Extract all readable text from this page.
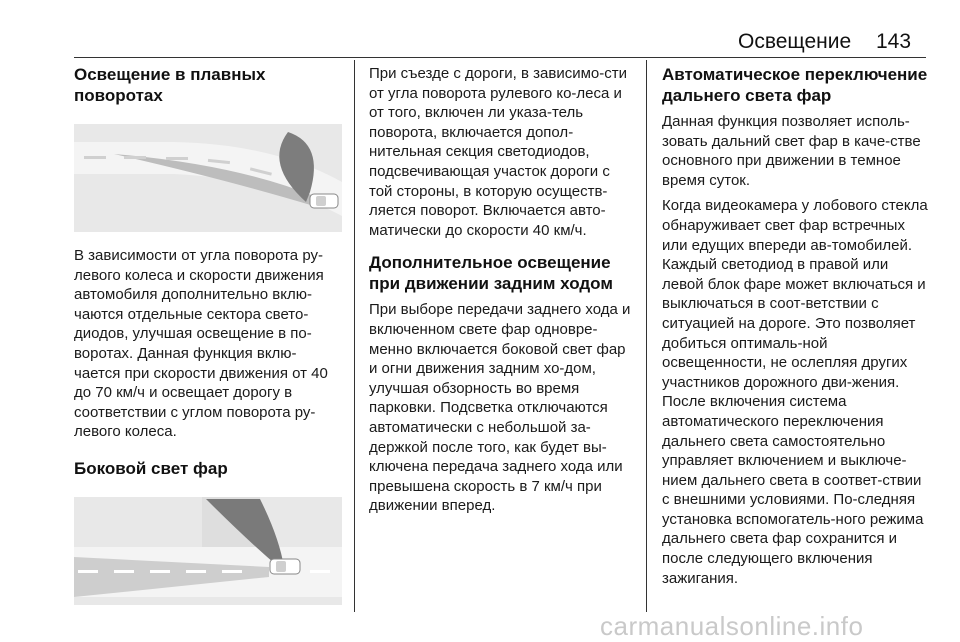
Освещение	143
Освещение в плавных поворотах

В зависимости от угла поворота ру-левого колеса и скорости движения автомобиля дополнительно вклю-чаются отдельные секторa свето-диодов, улучшая освещение в по-воротах. Данная функция вклю-чается при скорости движения от 40 до 70 км/ч и освещает дорогу в соответствии с углом поворота ру-левого колеса.

Боковой свет фар

При съезде с дороги, в зависимо-сти от угла поворота рулевого ко-леса и от того, включен ли указа-тель поворота, включается допол-нительная секция светодиодов, подсвечивающая участок дороги с той стороны, в которую осуществ-ляется поворот. Включается авто-матически до скорости 40 км/ч.

Дополнительное освещение при движении задним ходом

При выборе передачи заднего хода и включенном свете фар одновре-менно включается боковой свет фар и огни движения задним хо-дом, улучшая обзорность во время парковки. Подсветка отключаются автоматически с небольшой за-держкой после того, как будет вы-ключена передача заднего хода или превышена скорость в 7 км/ч при движении вперед.

Автоматическое переключение дальнего света фар

Данная функция позволяет исполь-зовать дальний свет фар в каче-стве основного при движении в темное время суток.

Когда видеокамера у лобового стекла обнаруживает свет фар встречных или едущих впереди ав-томобилей. Каждый светодиод в правой или левой блок фаре может включаться и выключаться в соот-ветствии с ситуацией на дороге. Это позволяет добиться оптималь-ной освещенности, не ослепляя других участников дорожного дви-жения. После включения система автоматического переключения дальнего света самостоятельно управляет включением и выключе-нием дальнего света в соответ-ствии с внешними условиями. По-следняя установка вспомогатель-ного режима дальнего света фар сохранится и после следующего включения зажигания.

carmanualsonline.info
